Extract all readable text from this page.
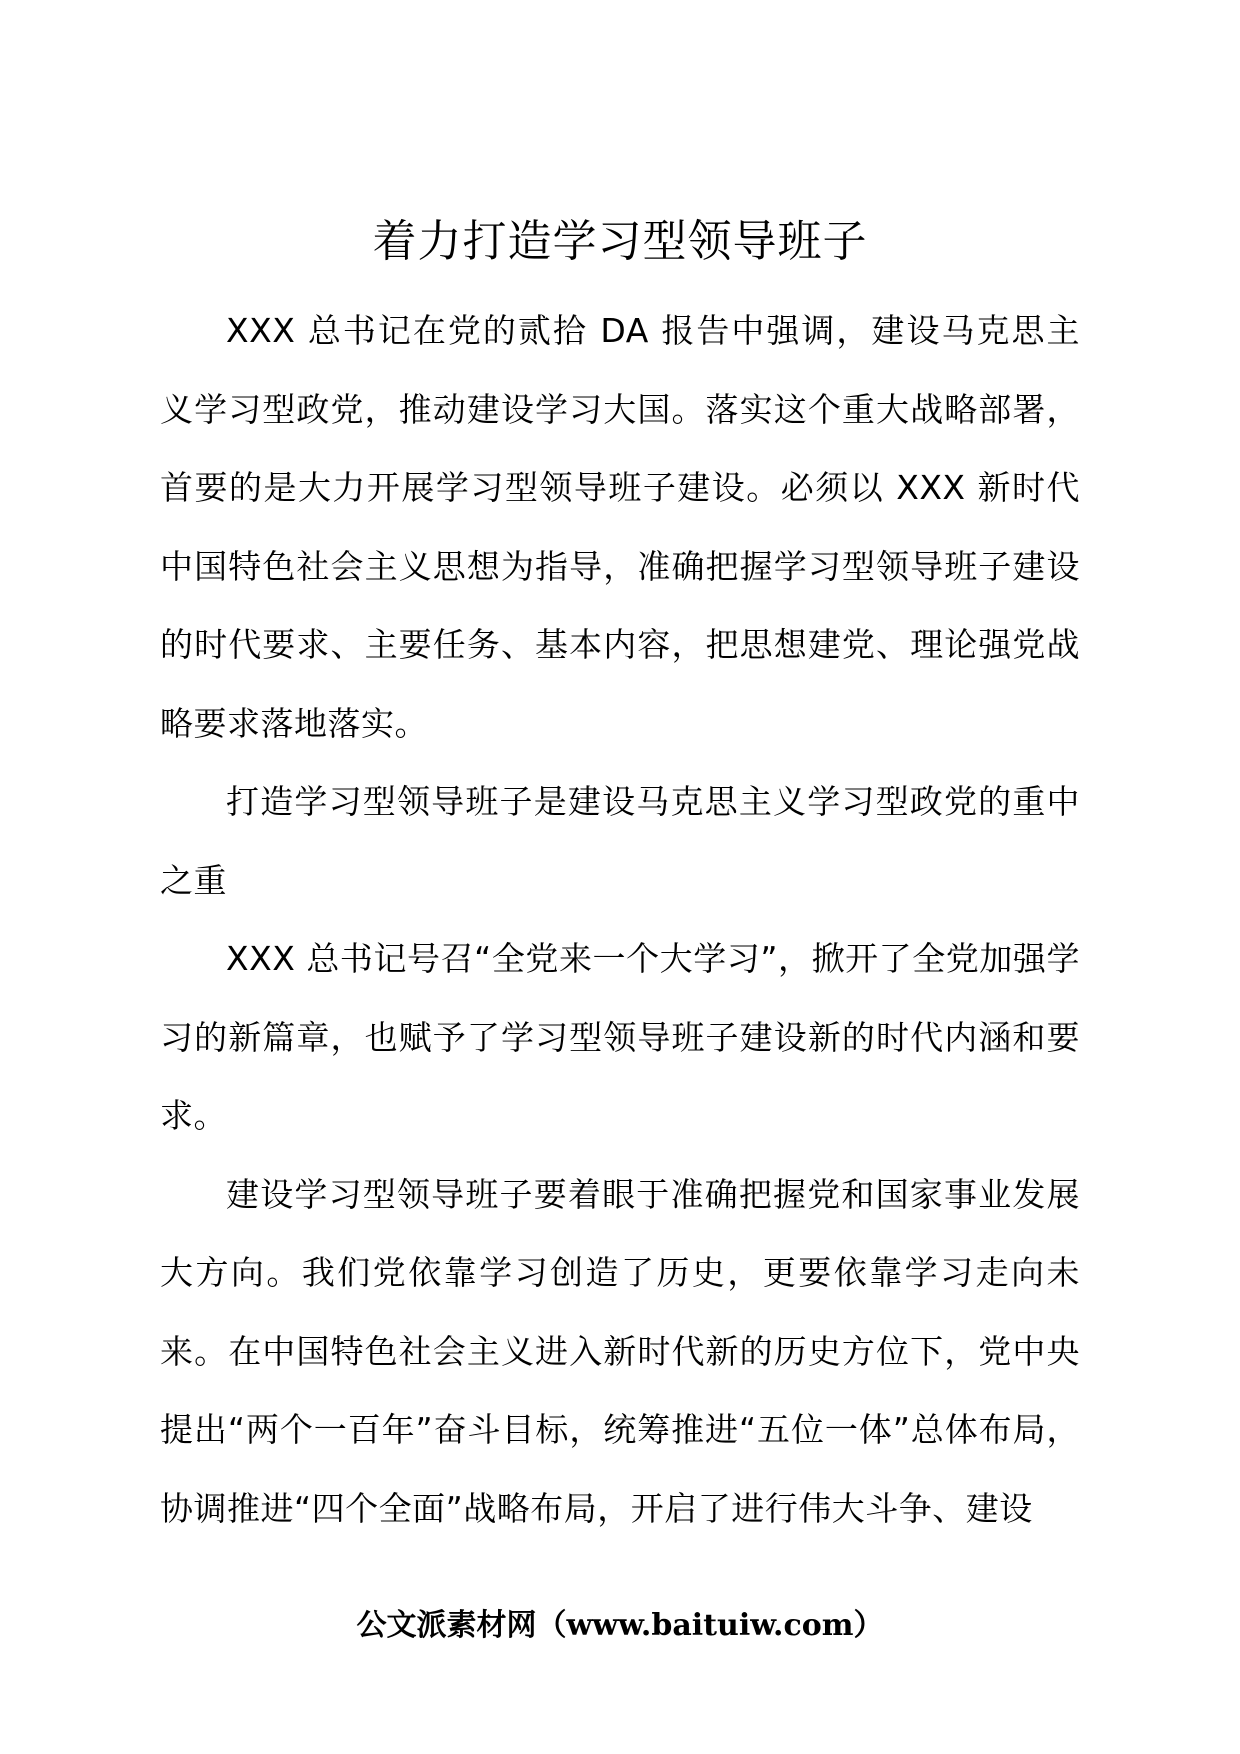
着力打造学习型领导班子

XXX 总书记在党的贰拾 DA 报告中强调，建设马克思主义学习型政党，推动建设学习大国。落实这个重大战略部署，首要的是大力开展学习型领导班子建设。必须以 XXX 新时代中国特色社会主义思想为指导，准确把握学习型领导班子建设的时代要求、主要任务、基本内容，把思想建党、理论强党战略要求落地落实。

打造学习型领导班子是建设马克思主义学习型政党的重中之重

XXX 总书记号召“全党来一个大学习”，掀开了全党加强学习的新篇章，也赋予了学习型领导班子建设新的时代内涵和要求。

建设学习型领导班子要着眼于准确把握党和国家事业发展大方向。我们党依靠学习创造了历史，更要依靠学习走向未来。在中国特色社会主义进入新时代新的历史方位下，党中央提出“两个一百年”奋斗目标，统筹推进“五位一体”总体布局，协调推进“四个全面”战略布局，开启了进行伟大斗争、建设

公文派素材网（www.baituiw.com）
